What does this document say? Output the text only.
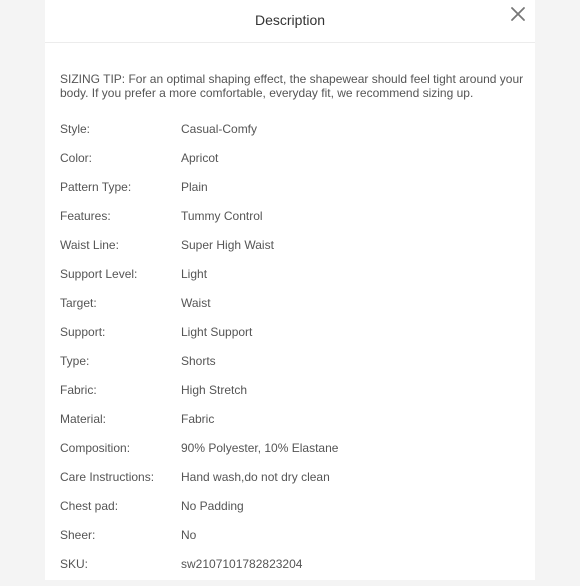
Description
SIZING TIP: For an optimal shaping effect, the shapewear should feel tight around your body. If you prefer a more comfortable, everyday fit, we recommend sizing up.
Style:	Casual-Comfy
Color:	Apricot
Pattern Type:	Plain
Features:	Tummy Control
Waist Line:	Super High Waist
Support Level:	Light
Target:	Waist
Support:	Light Support
Type:	Shorts
Fabric:	High Stretch
Material:	Fabric
Composition:	90% Polyester, 10% Elastane
Care Instructions: Hand wash,do not dry clean
Chest pad:	No Padding
Sheer:	No
SKU:	sw2107101782823204
